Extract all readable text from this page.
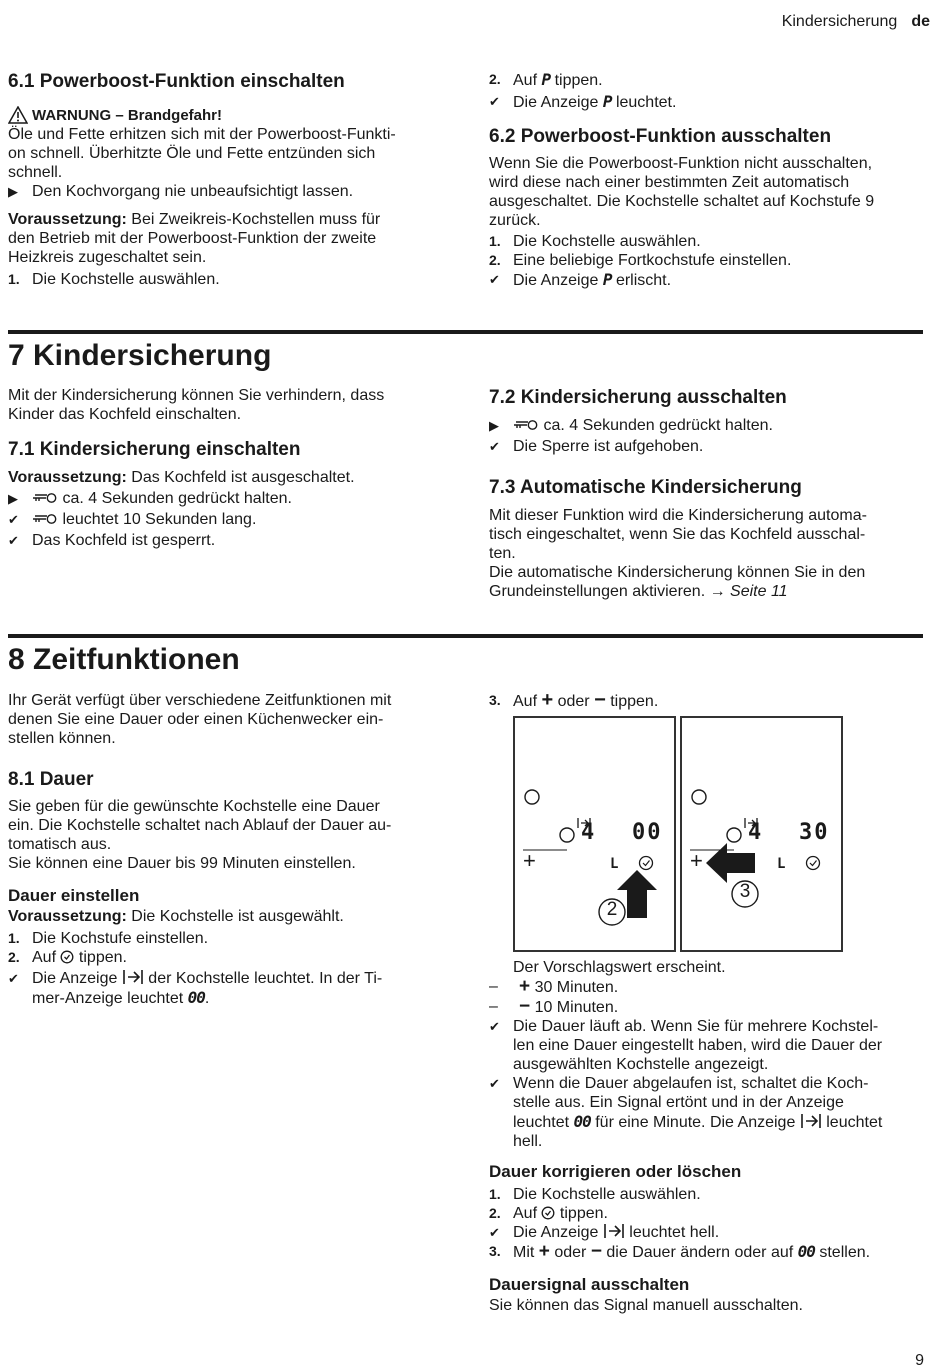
Kindersicherung de

6.1 Powerboost-Funktion einschalten

WARNUNG – Brandgefahr!

Öle und Fette erhitzen sich mit der Powerboost-Funkti-

on schnell. Überhitzte Öle und Fette entzünden sich

schnell.

▶ Den Kochvorgang nie unbeaufsichtigt lassen.

Voraussetzung: Bei Zweikreis-Kochstellen muss für

den Betrieb mit der Powerboost-Funktion der zweite

Heizkreis zugeschaltet sein.

1. Die Kochstelle auswählen.
2. Auf P tippen.
✔ Die Anzeige P leuchtet.

6.2 Powerboost-Funktion ausschalten

Wenn Sie die Powerboost-Funktion nicht ausschalten,

wird diese nach einer bestimmten Zeit automatisch

ausgeschaltet. Die Kochstelle schaltet auf Kochstufe 9

zurück.

1. Die Kochstelle auswählen.
2. Eine beliebige Fortkochstufe einstellen.
✔ Die Anzeige P erlischt.

7 Kindersicherung

Mit der Kindersicherung können Sie verhindern, dass

Kinder das Kochfeld einschalten.

7.1 Kindersicherung einschalten

Voraussetzung: Das Kochfeld ist ausgeschaltet.

▶	ca. 4 Sekunden gedrückt halten.
✔	leuchtet 10 Sekunden lang.
✔ Das Kochfeld ist gesperrt.

7.2 Kindersicherung ausschalten

▶	ca. 4 Sekunden gedrückt halten.
✔ Die Sperre ist aufgehoben.

7.3 Automatische Kindersicherung

Mit dieser Funktion wird die Kindersicherung automa-

tisch eingeschaltet, wenn Sie das Kochfeld ausschal-

ten.

Die automatische Kindersicherung können Sie in den

Grundeinstellungen aktivieren. → Seite 11

8 Zeitfunktionen

Ihr Gerät verfügt über verschiedene Zeitfunktionen mit

denen Sie eine Dauer oder einen Küchenwecker ein-

stellen können.

8.1 Dauer

Sie geben für die gewünschte Kochstelle eine Dauer

ein. Die Kochstelle schaltet nach Ablauf der Dauer au-

tomatisch aus.

Sie können eine Dauer bis 99 Minuten einstellen.

Dauer einstellen

Voraussetzung: Die Kochstelle ist ausgewählt.

1. Die Kochstufe einstellen.
2. Auf tippen.
✔ Die Anzeige der Kochstelle leuchtet. In der Ti-
mer-Anzeige leuchtet 00.
3. Auf + oder − tippen.
4 00
+	L
2
4 30
+	L
3

Der Vorschlagswert erscheint.

– + 30 Minuten.
– − 10 Minuten.
✔ Die Dauer läuft ab. Wenn Sie für mehrere Kochstel-
len eine Dauer eingestellt haben, wird die Dauer der
ausgewählten Kochstelle angezeigt.
✔ Wenn die Dauer abgelaufen ist, schaltet die Koch-
stelle aus. Ein Signal ertönt und in der Anzeige
leuchtet 00 für eine Minute. Die Anzeige leuchtet
hell.

Dauer korrigieren oder löschen

1. Die Kochstelle auswählen.
2. Auf tippen.
✔ Die Anzeige leuchtet hell.
3. Mit + oder − die Dauer ändern oder auf 00 stellen.

Dauersignal ausschalten

Sie können das Signal manuell ausschalten.

9
